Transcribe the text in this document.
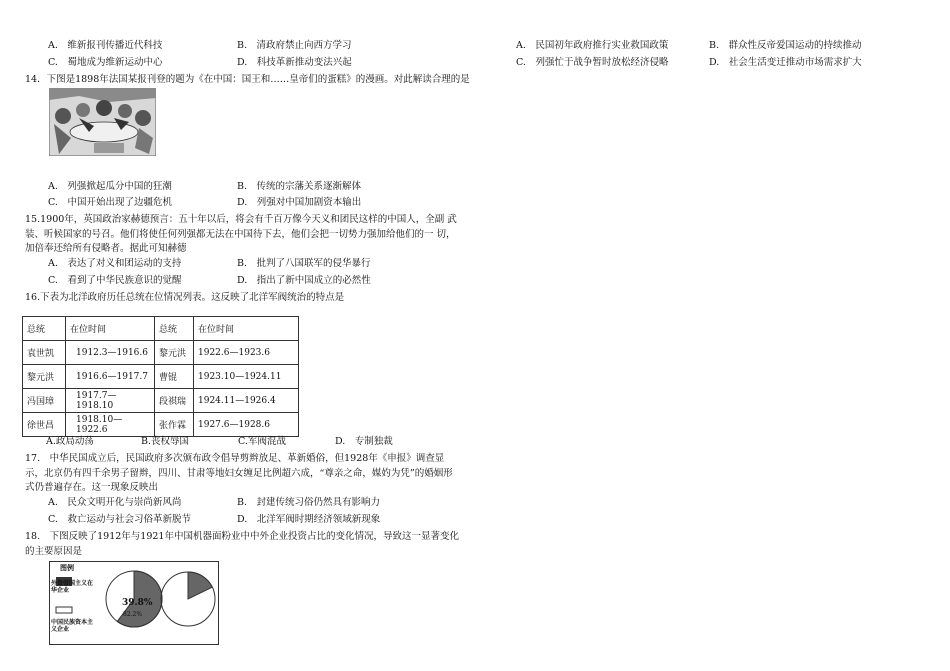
A.　维新报刊传播近代科技	B.　清政府禁止向西方学习
C.　蜀地成为维新运动中心	D.　科技革新推动变法兴起
14．下图是1898年法国某报刊登的题为《在中国：国王和……皇帝们的蛋糕》的漫画。对此解读合理的是
A.　列强掀起瓜分中国的狂潮	B.　传统的宗藩关系逐渐解体
C.　中国开始出现了边疆危机	D.　列强对中国加剧资本输出
15.1900年，英国政治家赫德预言：五十年以后，将会有千百万像今天义和团民这样的中国人，全副 武装、听候国家的号召。他们将使任何列强都无法在中国待下去，他们会把一切势力强加给他们的一 切，加倍奉还给所有侵略者。据此可知赫德
A.　表达了对义和团运动的支持	B.　批判了八国联军的侵华暴行
C.　看到了中华民族意识的觉醒	D.　指出了新中国成立的必然性
16.下表为北洋政府历任总统在位情况列表。这反映了北洋军阀统治的特点是
总统	在位时间	总统	在位时间
袁世凯	1912.3—1916.6	黎元洪	1922.6—1923.6
黎元洪	1916.6—1917.7	曹锟	1923.10—1924.11
冯国璋	1917.7—1918.10	段祺瑞	1924.11—1926.4
徐世昌	1918.10—1922.6	张作霖	1927.6—1928.6
A.政局动荡	B.丧权辱国	C.军阀混战	D.　专制独裁
17.　中华民国成立后，民国政府多次颁布政令倡导剪辫放足、革新婚俗，但1928年《申报》调查显示，北京仍有四千余男子留辫，四川、甘肃等地妇女缠足比例超六成，“尊亲之命，媒妁为凭”的婚姻形式仍普遍存在。这一现象反映出
A.　民众文明开化与崇尚新风尚	B.　封建传统习俗仍然具有影响力
C.　救亡运动与社会习俗革新脱节	D.　北洋军阀时期经济领域新现象
18.　下图反映了1912年与1921年中国机器面粉业中中外企业投资占比的变化情况，导致这一显著变化的主要原因是
图例
外资帝国主义在华企业
中国民族资本主义企业
39.8%
82.2%
A.　民国初年政府推行实业救国政策	B.　群众性反帝爱国运动的持续推动
C.　列强忙于战争暂时放松经济侵略	D.　社会生活变迁推动市场需求扩大
